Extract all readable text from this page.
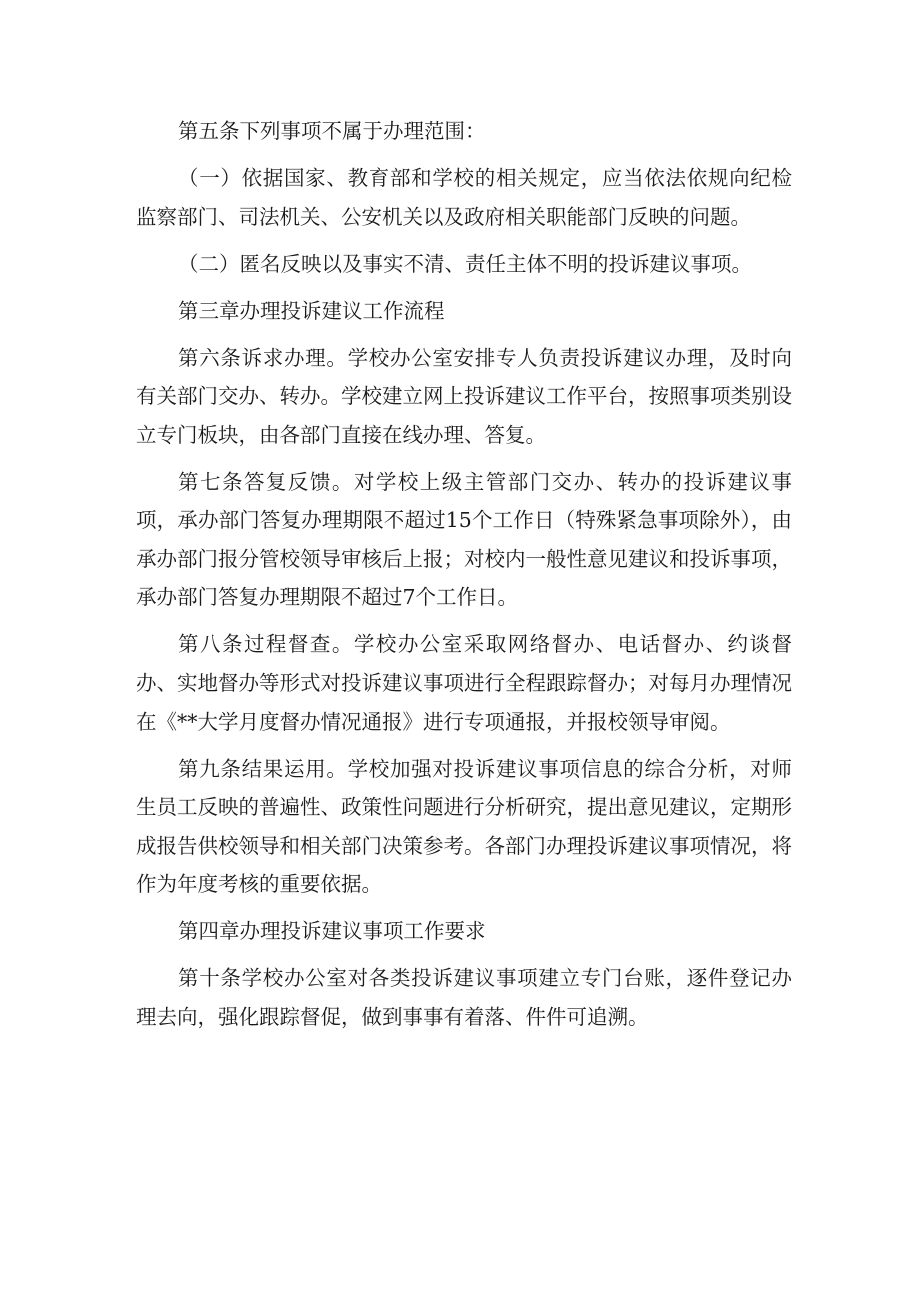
第五条下列事项不属于办理范围：

（一）依据国家、教育部和学校的相关规定，应当依法依规向纪检监察部门、司法机关、公安机关以及政府相关职能部门反映的问题。

（二）匿名反映以及事实不清、责任主体不明的投诉建议事项。

第三章办理投诉建议工作流程

第六条诉求办理。学校办公室安排专人负责投诉建议办理，及时向有关部门交办、转办。学校建立网上投诉建议工作平台，按照事项类别设立专门板块，由各部门直接在线办理、答复。

第七条答复反馈。对学校上级主管部门交办、转办的投诉建议事项，承办部门答复办理期限不超过15个工作日（特殊紧急事项除外），由承办部门报分管校领导审核后上报；对校内一般性意见建议和投诉事项，承办部门答复办理期限不超过7个工作日。

第八条过程督查。学校办公室采取网络督办、电话督办、约谈督办、实地督办等形式对投诉建议事项进行全程跟踪督办；对每月办理情况在《**大学月度督办情况通报》进行专项通报，并报校领导审阅。

第九条结果运用。学校加强对投诉建议事项信息的综合分析，对师生员工反映的普遍性、政策性问题进行分析研究，提出意见建议，定期形成报告供校领导和相关部门决策参考。各部门办理投诉建议事项情况，将作为年度考核的重要依据。

第四章办理投诉建议事项工作要求

第十条学校办公室对各类投诉建议事项建立专门台账，逐件登记办理去向，强化跟踪督促，做到事事有着落、件件可追溯。
